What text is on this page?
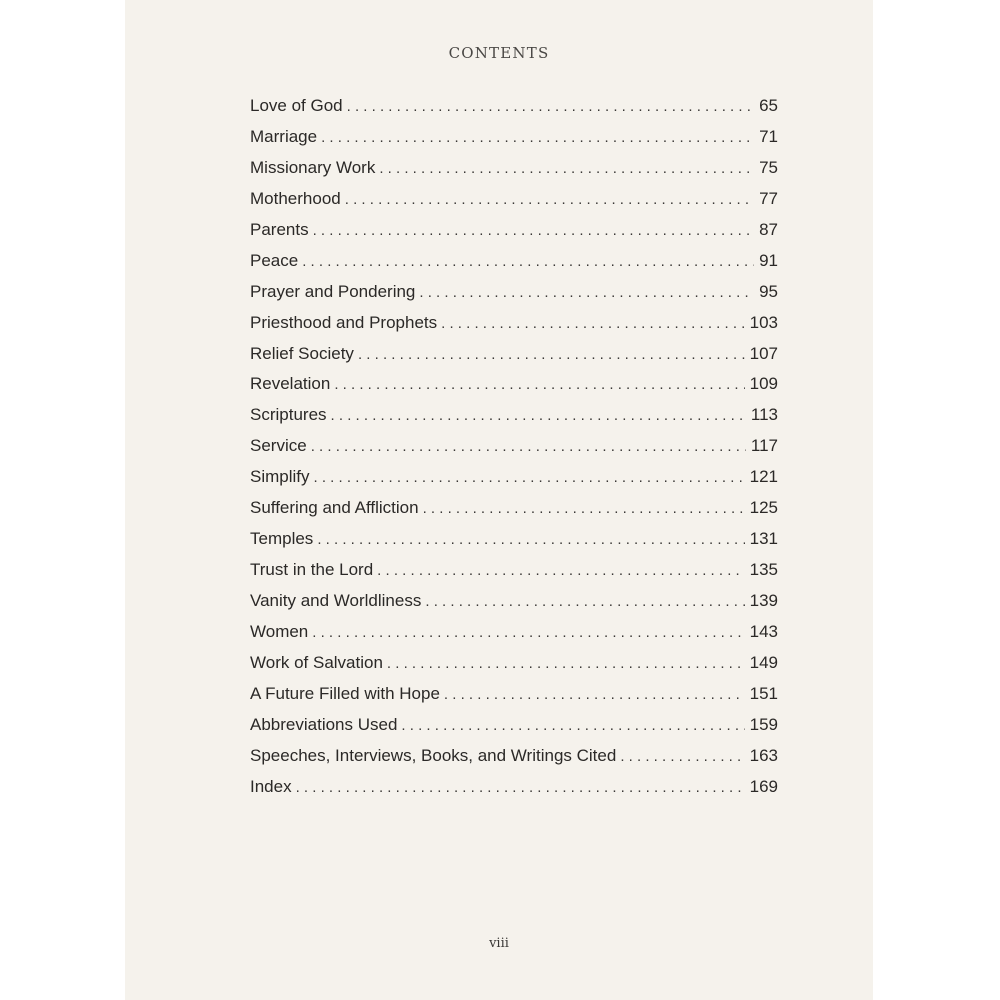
CONTENTS
Love of God . . .	65
Marriage . . .	71
Missionary Work . . .	75
Motherhood . . .	77
Parents . . .	87
Peace . . .	91
Prayer and Pondering . . .	95
Priesthood and Prophets . . .	103
Relief Society . . .	107
Revelation . . .	109
Scriptures . . .	113
Service . . .	117
Simplify . . .	121
Suffering and Affliction . . .	125
Temples . . .	131
Trust in the Lord . . .	135
Vanity and Worldliness . . .	139
Women . . .	143
Work of Salvation . . .	149
A Future Filled with Hope . . .	151
Abbreviations Used . . .	159
Speeches, Interviews, Books, and Writings Cited . . .	163
Index . . .	169
viii
